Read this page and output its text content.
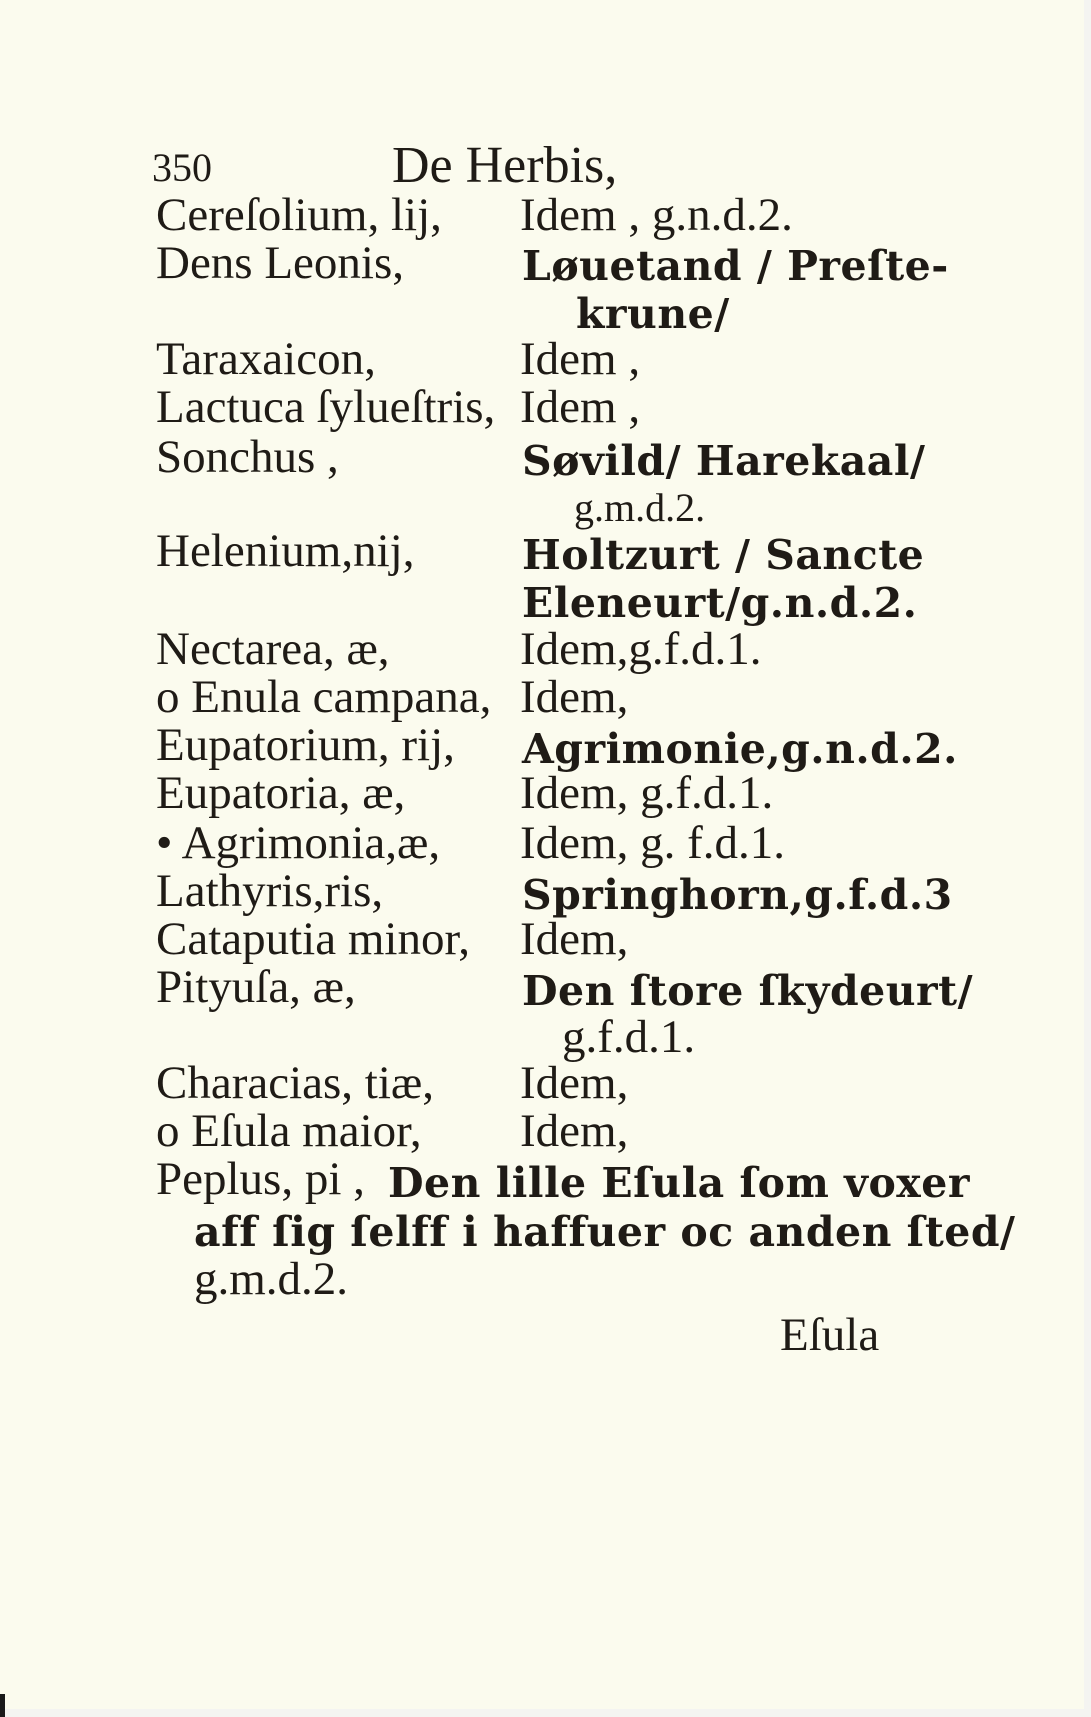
350	De Herbis,
Cereſolium, lij, Idem , g.n.d.2.
Dens Leonis,	Løuetand / Preſte-
krune/
Taraxaicon,	Idem ,
Lactuca ſylueſtris, Idem ,
Sonchus ,	Søvild/ Harekaal/
g.m.d.2.
Helenium,nij,	Holtzurt / Sancte
Eleneurt/g.n.d.2.
Nectarea, æ,	Idem,g.f.d.1.
o Enula campana, Idem,
Eupatorium, rij, Agrimonie,g.n.d.2.
Eupatoria, æ, Idem, g.f.d.1.
• Agrimonia,æ, Idem, g. f.d.1.
Lathyris,ris,	Springhorn,g.f.d.3
Cataputia minor, Idem,
Pityuſa, æ,	Den ſtore ſkydeurt/
g.f.d.1.
Characias, tiæ, Idem,
o Eſula maior, Idem,
Peplus, pi , Den lille Eſula ſom voxer
aff ſig ſelff i haffuer oc anden ſted/
g.m.d.2.
Eſula
